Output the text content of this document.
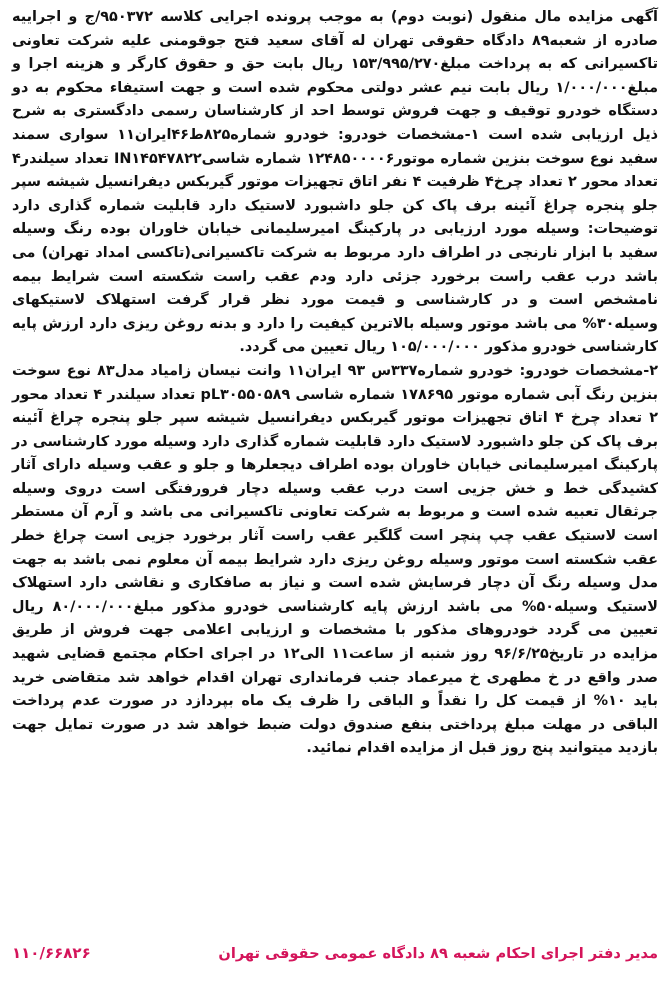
آگهی مزایده مال منقول (نوبت دوم) به موجب پرونده اجرایی کلاسه ۹۵۰۳۷۲/ج و اجراییه صادره از شعبه۸۹ دادگاه حقوقی تهران له آقای سعید فتح جوقومنی علیه شرکت تعاونی تاکسیرانی که به پرداخت مبلغ۱۵۳/۹۹۵/۲۷۰ ریال بابت حق و حقوق کارگر و هزینه اجرا و مبلغ۱/۰۰۰/۰۰۰ ریال بابت نیم عشر دولتی محکوم شده است و جهت استیفاء محکوم به دو دستگاه خودرو توقیف و جهت فروش توسط احد از کارشناسان رسمی دادگستری به شرح ذیل ارزیابی شده است ۱-مشخصات خودرو: خودرو شماره۸۲۵ط۴۶ایران۱۱ سواری سمند سفید نوع سوخت بنزین شماره موتور۱۲۴۸۵۰۰۰۰۶ شماره شاسیIN۱۴۵۴۷۸۲۲ تعداد سیلندر۴ تعداد محور ۲ تعداد چرخ۴ ظرفیت ۴ نفر اتاق تجهیزات موتور گیربکس دیفرانسیل شیشه سپر جلو پنجره چراغ آئینه برف پاک کن جلو داشبورد لاستیک دارد قابلیت شماره گذاری دارد توضیحات: وسیله مورد ارزیابی در پارکینگ امیرسلیمانی خیابان خاوران بوده رنگ وسیله سفید با ابزار نارنجی در اطراف دارد مربوط به شرکت تاکسیرانی(تاکسی امداد تهران) می باشد درب عقب راست برخورد جزئی دارد ودم عقب راست شکسته است شرایط بیمه نامشخص است و در کارشناسی و قیمت مورد نظر قرار گرفت استهلاک لاستیکهای وسیله۳۰% می باشد موتور وسیله بالاترین کیفیت را دارد و بدنه روغن ریزی دارد ارزش پایه کارشناسی خودرو مذکور ۱۰۵/۰۰۰/۰۰۰ ریال تعیین می گردد.

۲-مشخصات خودرو: خودرو شماره۳۳۷س ۹۳ ایران۱۱ وانت نیسان زامیاد مدل۸۳ نوع سوخت بنزین رنگ آبی شماره موتور ۱۷۸۶۹۵ شماره شاسی pL۳۰۵۵۰۵۸۹ تعداد سیلندر ۴ تعداد محور ۲ تعداد چرخ ۴ اتاق تجهیزات موتور گیربکس دیفرانسیل شیشه سپر جلو پنجره چراغ آئینه برف پاک کن جلو داشبورد لاستیک دارد قابلیت شماره گذاری دارد وسیله مورد کارشناسی در پارکینگ امیرسلیمانی خیابان خاوران بوده اطراف دیجعلرها و جلو و عقب وسیله دارای آثار کشیدگی خط و خش جزیی است درب عقب وسیله دچار فرورفتگی است دروی وسیله جرثقال تعبیه شده است و مربوط به شرکت تعاونی تاکسیرانی می باشد و آرم آن مستطر است لاستیک عقب چپ پنچر است گلگیر عقب راست آثار برخورد جزیی است چراغ خطر عقب شکسته است موتور وسیله روغن ریزی دارد شرایط بیمه آن معلوم نمی باشد به جهت مدل وسیله رنگ آن دچار فرسایش شده است و نیاز به صافکاری و نقاشی دارد استهلاک لاستیک وسیله۵۰% می باشد ارزش پایه کارشناسی خودرو مذکور مبلغ۸۰/۰۰۰/۰۰۰ ریال تعیین می گردد خودروهای مذکور با مشخصات و ارزیابی اعلامی جهت فروش از طریق مزایده در تاریخ۹۶/۶/۲۵ روز شنبه از ساعت۱۱ الی۱۲ در اجرای احکام مجتمع قضایی شهید صدر واقع در خ مطهری خ میرعماد جنب فرمانداری تهران اقدام خواهد شد متقاضی خرید باید ۱۰% از قیمت کل را نقداً و الباقی را ظرف یک ماه بپردازد در صورت عدم پرداخت الباقی در مهلت مبلغ پرداختی بنفع صندوق دولت ضبط خواهد شد در صورت تمایل جهت بازدید میتوانید پنج روز قبل از مزایده اقدام نمائید.

مدیر دفتر اجرای احکام شعبه ۸۹ دادگاه عمومی حقوقی تهران
۱۱۰/۶۶۸۲۶
